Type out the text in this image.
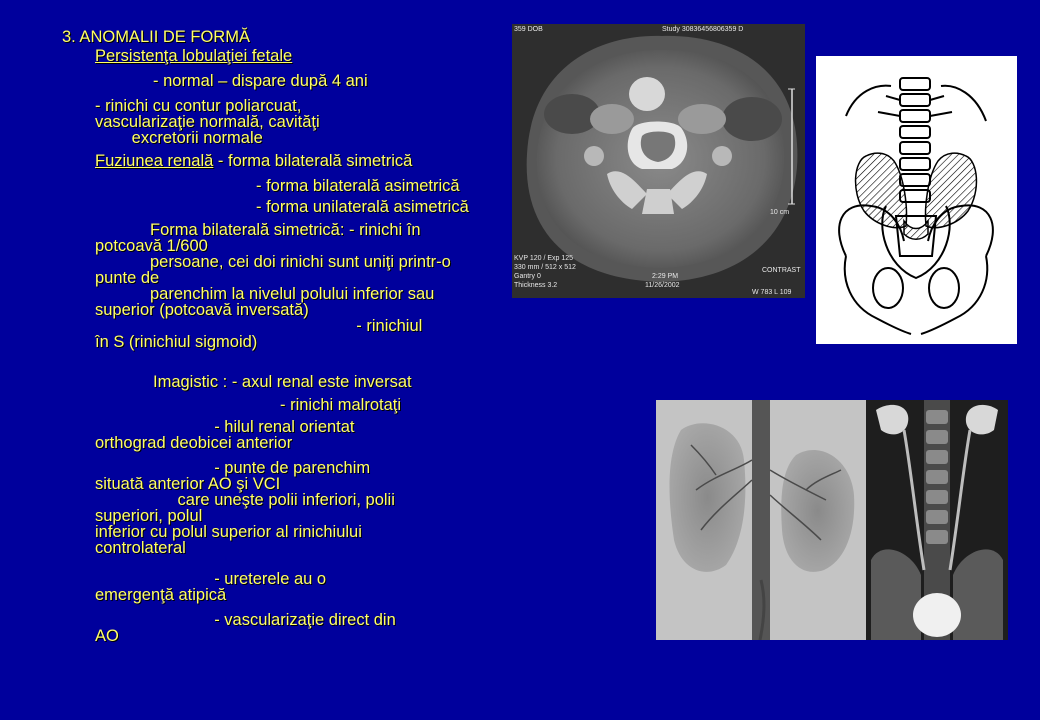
3. ANOMALII DE FORMĂ
Persistenţa lobulaţiei fetale
- normal – dispare după 4 ani

- rinichi cu contur poliarcuat,
vascularizaţie normală, cavităţi
excretorii normale
Fuziunea renală - forma bilaterală simetrică
- forma bilaterală asimetrică
- forma unilaterală asimetrică
Forma bilaterală simetrică: - rinichi în
potcoavă 1/600
persoane, cei doi rinichi sunt uniţi printr-o
punte de
parenchim la nivelul polului inferior sau
superior (potcoavă inversată)
- rinichiul
în S (rinichiul sigmoid)
Imagistic : - axul renal este inversat
- rinichi malrotaţi
- hilul renal orientat
orthograd deobicei anterior
- punte de parenchim
situată anterior AO şi VCI
care uneşte polii inferiori, polii
superiori, polul
inferior cu polul superior al rinichiului
controlateral
- ureterele au o
emergenţă atipică
- vascularizaţie direct din
AO
359 DOB	Study 30836456806359 D
10 cm
KVP 120 / Exp 125
330 mm / 512 x 512
Gantry 0
Thickness 3.2
2:29 PM
11/26/2002
CONTRAST
W 783 L 109
